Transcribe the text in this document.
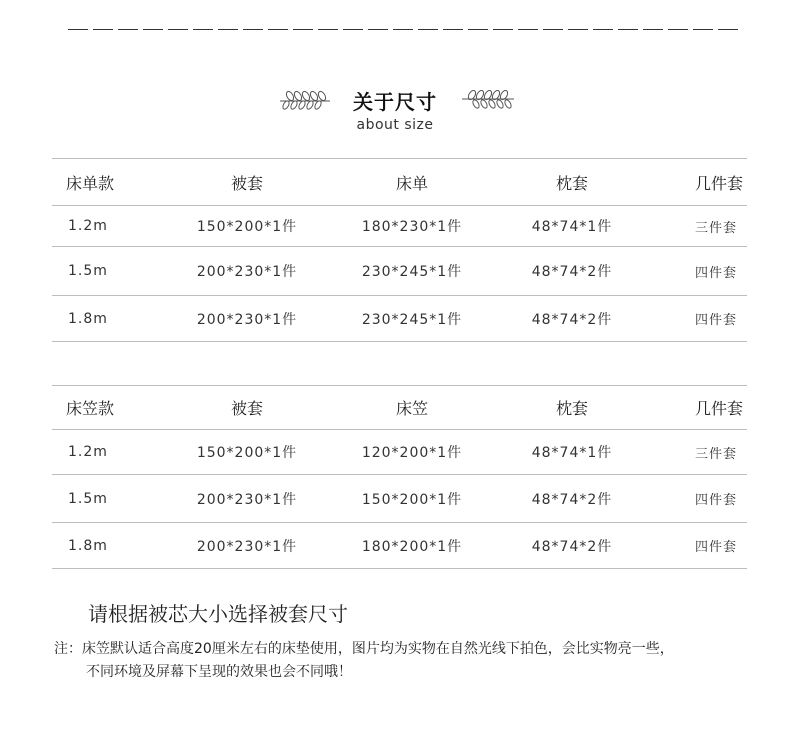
关于尺寸
about size
床单款	被套	床单	枕套	几件套
1.2m	150*200*1件	180*230*1件	48*74*1件	三件套
1.5m	200*230*1件	230*245*1件	48*74*2件	四件套
1.8m	200*230*1件	230*245*1件	48*74*2件	四件套
床笠款	被套	床笠	枕套	几件套
1.2m	150*200*1件	120*200*1件	48*74*1件	三件套
1.5m	200*230*1件	150*200*1件	48*74*2件	四件套
1.8m	200*230*1件	180*200*1件	48*74*2件	四件套
请根据被芯大小选择被套尺寸
注：床笠默认适合高度20厘米左右的床垫使用，图片均为实物在自然光线下拍色，会比实物亮一些，
不同环境及屏幕下呈现的效果也会不同哦！
